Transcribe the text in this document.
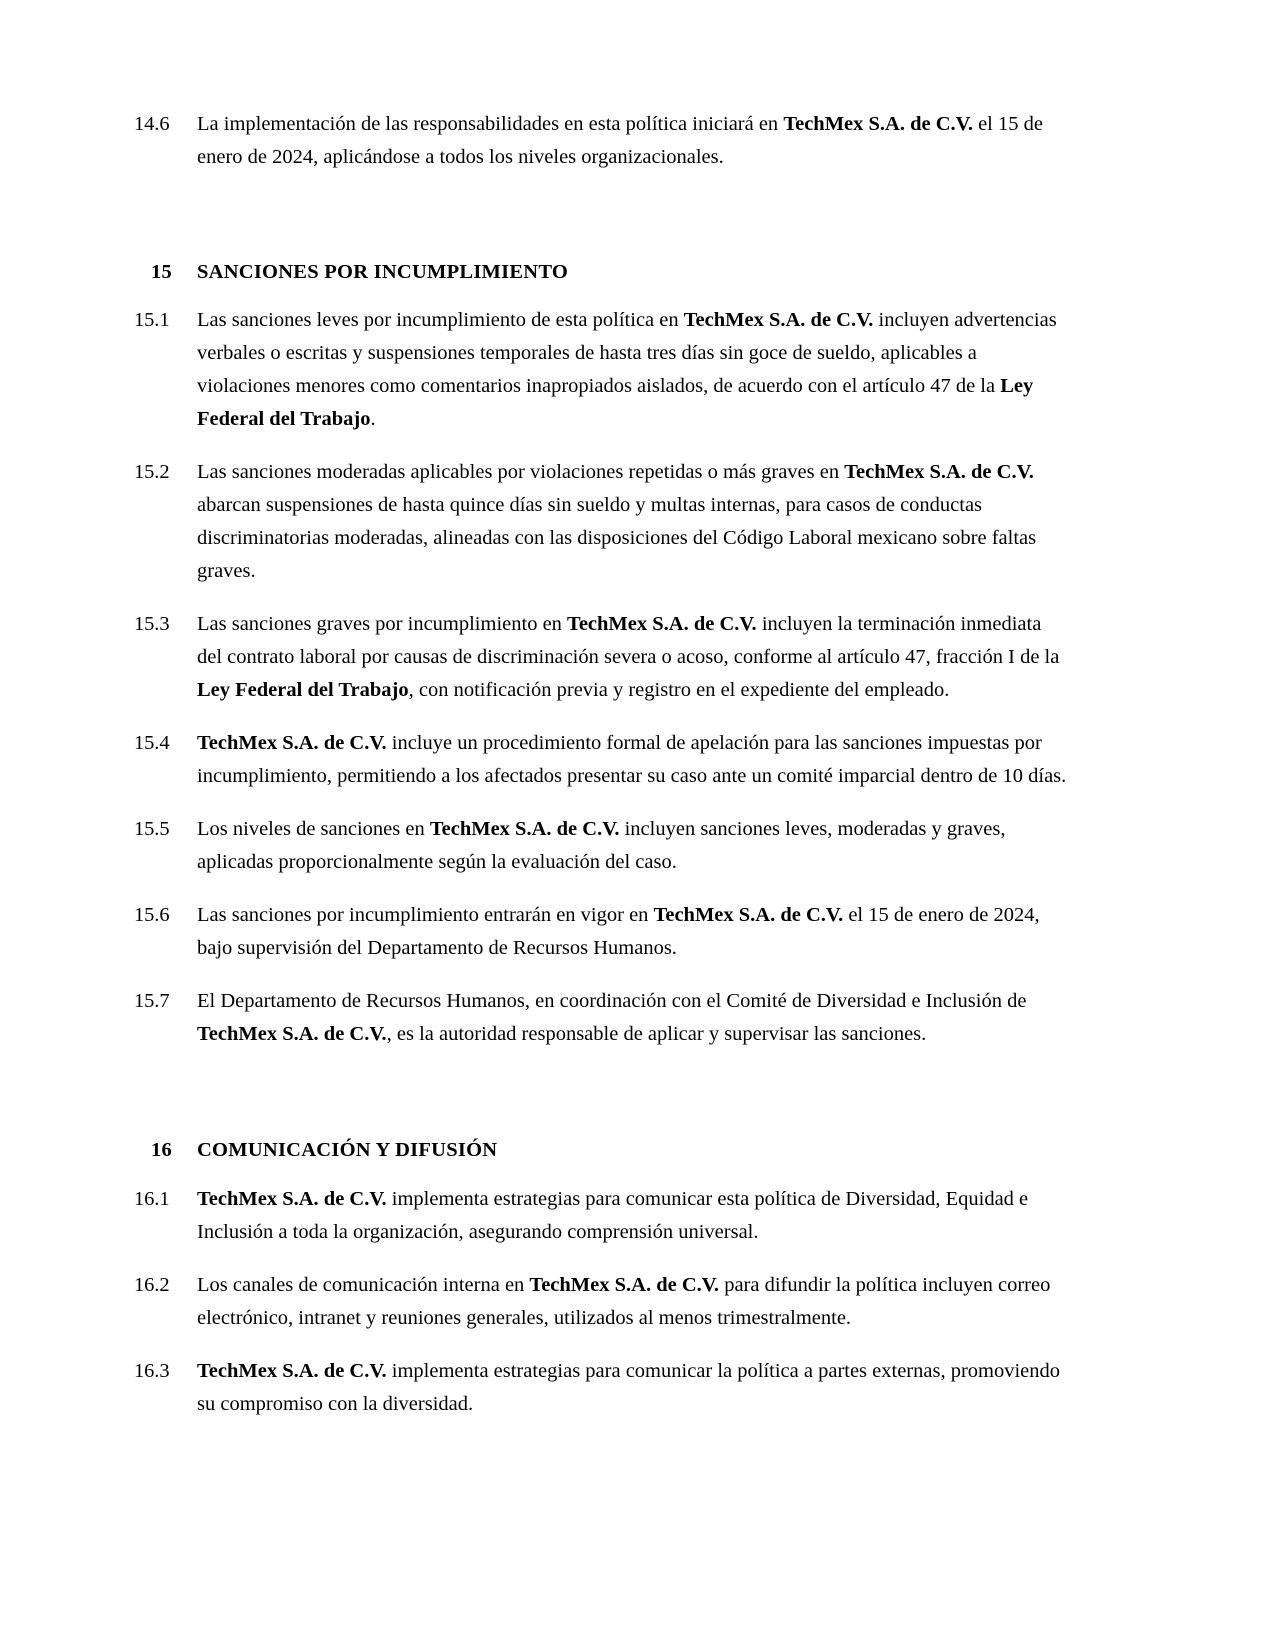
14.6	La implementación de las responsabilidades en esta política iniciará en TechMex S.A. de C.V. el 15 de enero de 2024, aplicándose a todos los niveles organizacionales.
15	SANCIONES POR INCUMPLIMIENTO
15.1	Las sanciones leves por incumplimiento de esta política en TechMex S.A. de C.V. incluyen advertencias verbales o escritas y suspensiones temporales de hasta tres días sin goce de sueldo, aplicables a violaciones menores como comentarios inapropiados aislados, de acuerdo con el artículo 47 de la Ley Federal del Trabajo.
15.2	Las sanciones moderadas aplicables por violaciones repetidas o más graves en TechMex S.A. de C.V. abarcan suspensiones de hasta quince días sin sueldo y multas internas, para casos de conductas discriminatorias moderadas, alineadas con las disposiciones del Código Laboral mexicano sobre faltas graves.
15.3	Las sanciones graves por incumplimiento en TechMex S.A. de C.V. incluyen la terminación inmediata del contrato laboral por causas de discriminación severa o acoso, conforme al artículo 47, fracción I de la Ley Federal del Trabajo, con notificación previa y registro en el expediente del empleado.
15.4	TechMex S.A. de C.V. incluye un procedimiento formal de apelación para las sanciones impuestas por incumplimiento, permitiendo a los afectados presentar su caso ante un comité imparcial dentro de 10 días.
15.5	Los niveles de sanciones en TechMex S.A. de C.V. incluyen sanciones leves, moderadas y graves, aplicadas proporcionalmente según la evaluación del caso.
15.6	Las sanciones por incumplimiento entrarán en vigor en TechMex S.A. de C.V. el 15 de enero de 2024, bajo supervisión del Departamento de Recursos Humanos.
15.7	El Departamento de Recursos Humanos, en coordinación con el Comité de Diversidad e Inclusión de TechMex S.A. de C.V., es la autoridad responsable de aplicar y supervisar las sanciones.
16	COMUNICACIÓN Y DIFUSIÓN
16.1	TechMex S.A. de C.V. implementa estrategias para comunicar esta política de Diversidad, Equidad e Inclusión a toda la organización, asegurando comprensión universal.
16.2	Los canales de comunicación interna en TechMex S.A. de C.V. para difundir la política incluyen correo electrónico, intranet y reuniones generales, utilizados al menos trimestralmente.
16.3	TechMex S.A. de C.V. implementa estrategias para comunicar la política a partes externas, promoviendo su compromiso con la diversidad.
